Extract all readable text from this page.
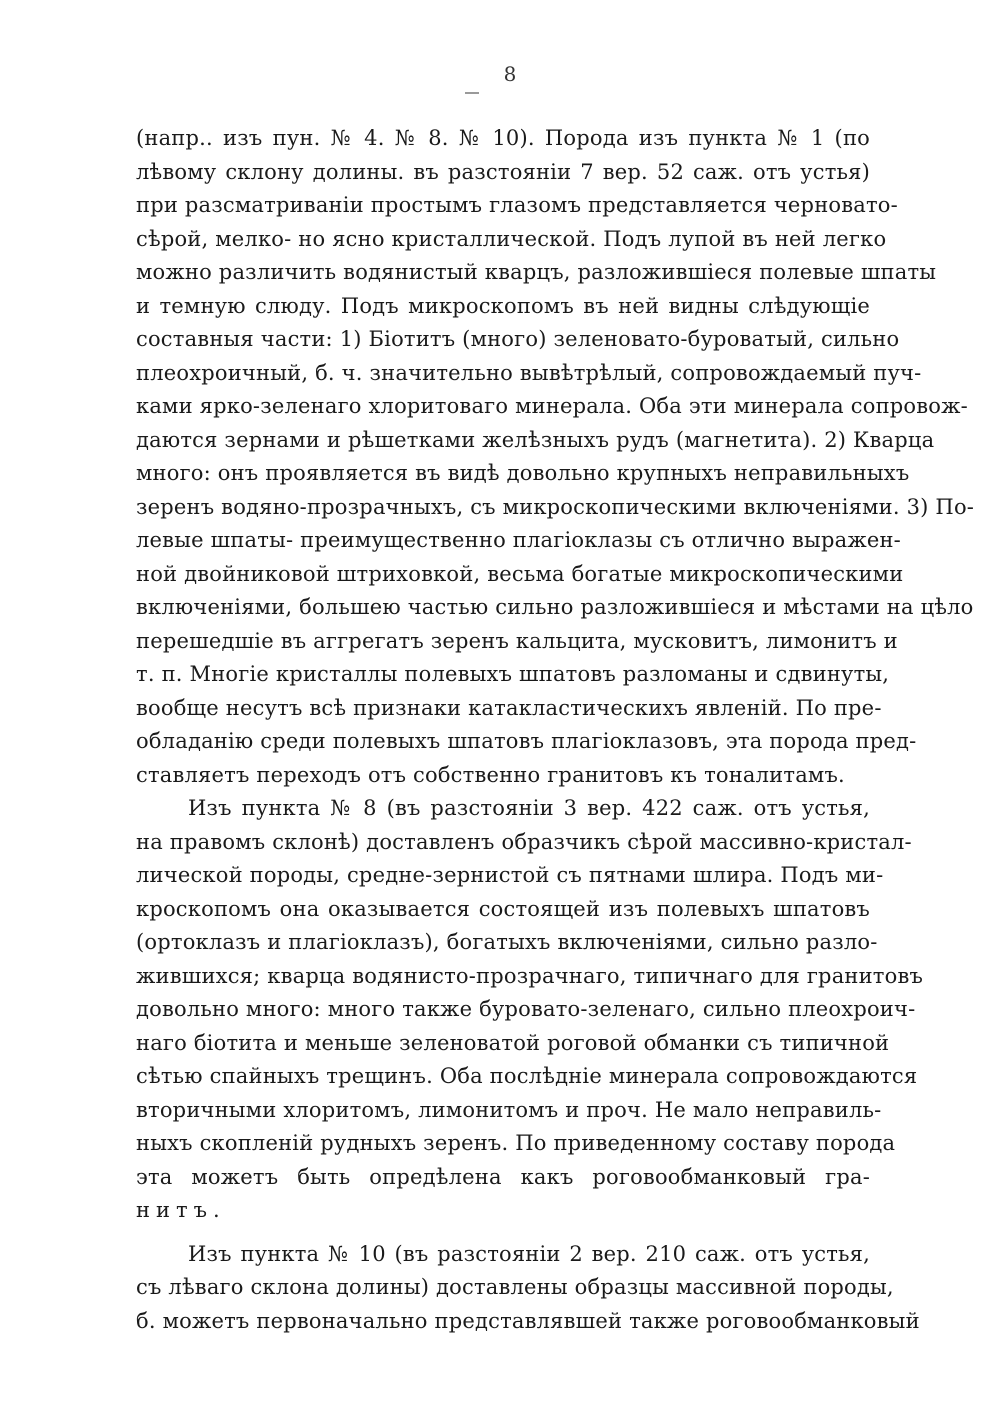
8
(напр.. изъ пун. № 4. № 8. № 10). Порода изъ пункта № 1 (по
лѣвому склону долины. въ разстояніи 7 вер. 52 саж. отъ устья)
при разсматриваніи простымъ глазомъ представляется черновато-
сѣрой, мелко- но ясно кристаллической. Подъ лупой въ ней легко
можно различить водянистый кварцъ, разложившіеся полевые шпаты
и темную слюду. Подъ микроскопомъ въ ней видны слѣдующіе
составныя части: 1) Біотитъ (много) зеленовато-буроватый, сильно
плеохроичный, б. ч. значительно вывѣтрѣлый, сопровождаемый пуч-
ками ярко-зеленаго хлоритоваго минерала. Оба эти минерала сопровож-
даются зернами и рѣшетками желѣзныхъ рудъ (магнетита). 2) Кварца
много: онъ проявляется въ видѣ довольно крупныхъ неправильныхъ
зеренъ водяно-прозрачныхъ, съ микроскопическими включеніями. 3) По-
левые шпаты- преимущественно плагіоклазы съ отлично выражен-
ной двойниковой штриховкой, весьма богатые микроскопическими
включеніями, большею частью сильно разложившіеся и мѣстами на цѣло
перешедшіе въ аггрегатъ зеренъ кальцита, мусковитъ, лимонитъ и
т. п. Многіе кристаллы полевыхъ шпатовъ разломаны и сдвинуты,
вообще несутъ всѣ признаки катакластическихъ явленій. По пре-
обладанію среди полевыхъ шпатовъ плагіоклазовъ, эта порода пред-
ставляетъ переходъ отъ собственно гранитовъ къ тоналитамъ.
Изъ пункта № 8 (въ разстояніи 3 вер. 422 саж. отъ устья,
на правомъ склонѣ) доставленъ образчикъ сѣрой массивно-кристал-
лической породы, средне-зернистой съ пятнами шлира. Подъ ми-
кроскопомъ она оказывается состоящей изъ полевыхъ шпатовъ
(ортоклазъ и плагіоклазъ), богатыхъ включеніями, сильно разло-
жившихся; кварца водянисто-прозрачнаго, типичнаго для гранитовъ
довольно много: много также буровато-зеленаго, сильно плеохроич-
наго біотита и меньше зеленоватой роговой обманки съ типичной
сѣтью спайныхъ трещинъ. Оба послѣдніе минерала сопровождаются
вторичными хлоритомъ, лимонитомъ и проч. Не мало неправиль-
ныхъ скопленій рудныхъ зеренъ. По приведенному составу порода
эта можетъ быть опредѣлена какъ роговообманковый гра-
нитъ.
Изъ пункта № 10 (въ разстояніи 2 вер. 210 саж. отъ устья,
съ лѣваго склона долины) доставлены образцы массивной породы,
б. можетъ первоначально представлявшей также роговообманковый
